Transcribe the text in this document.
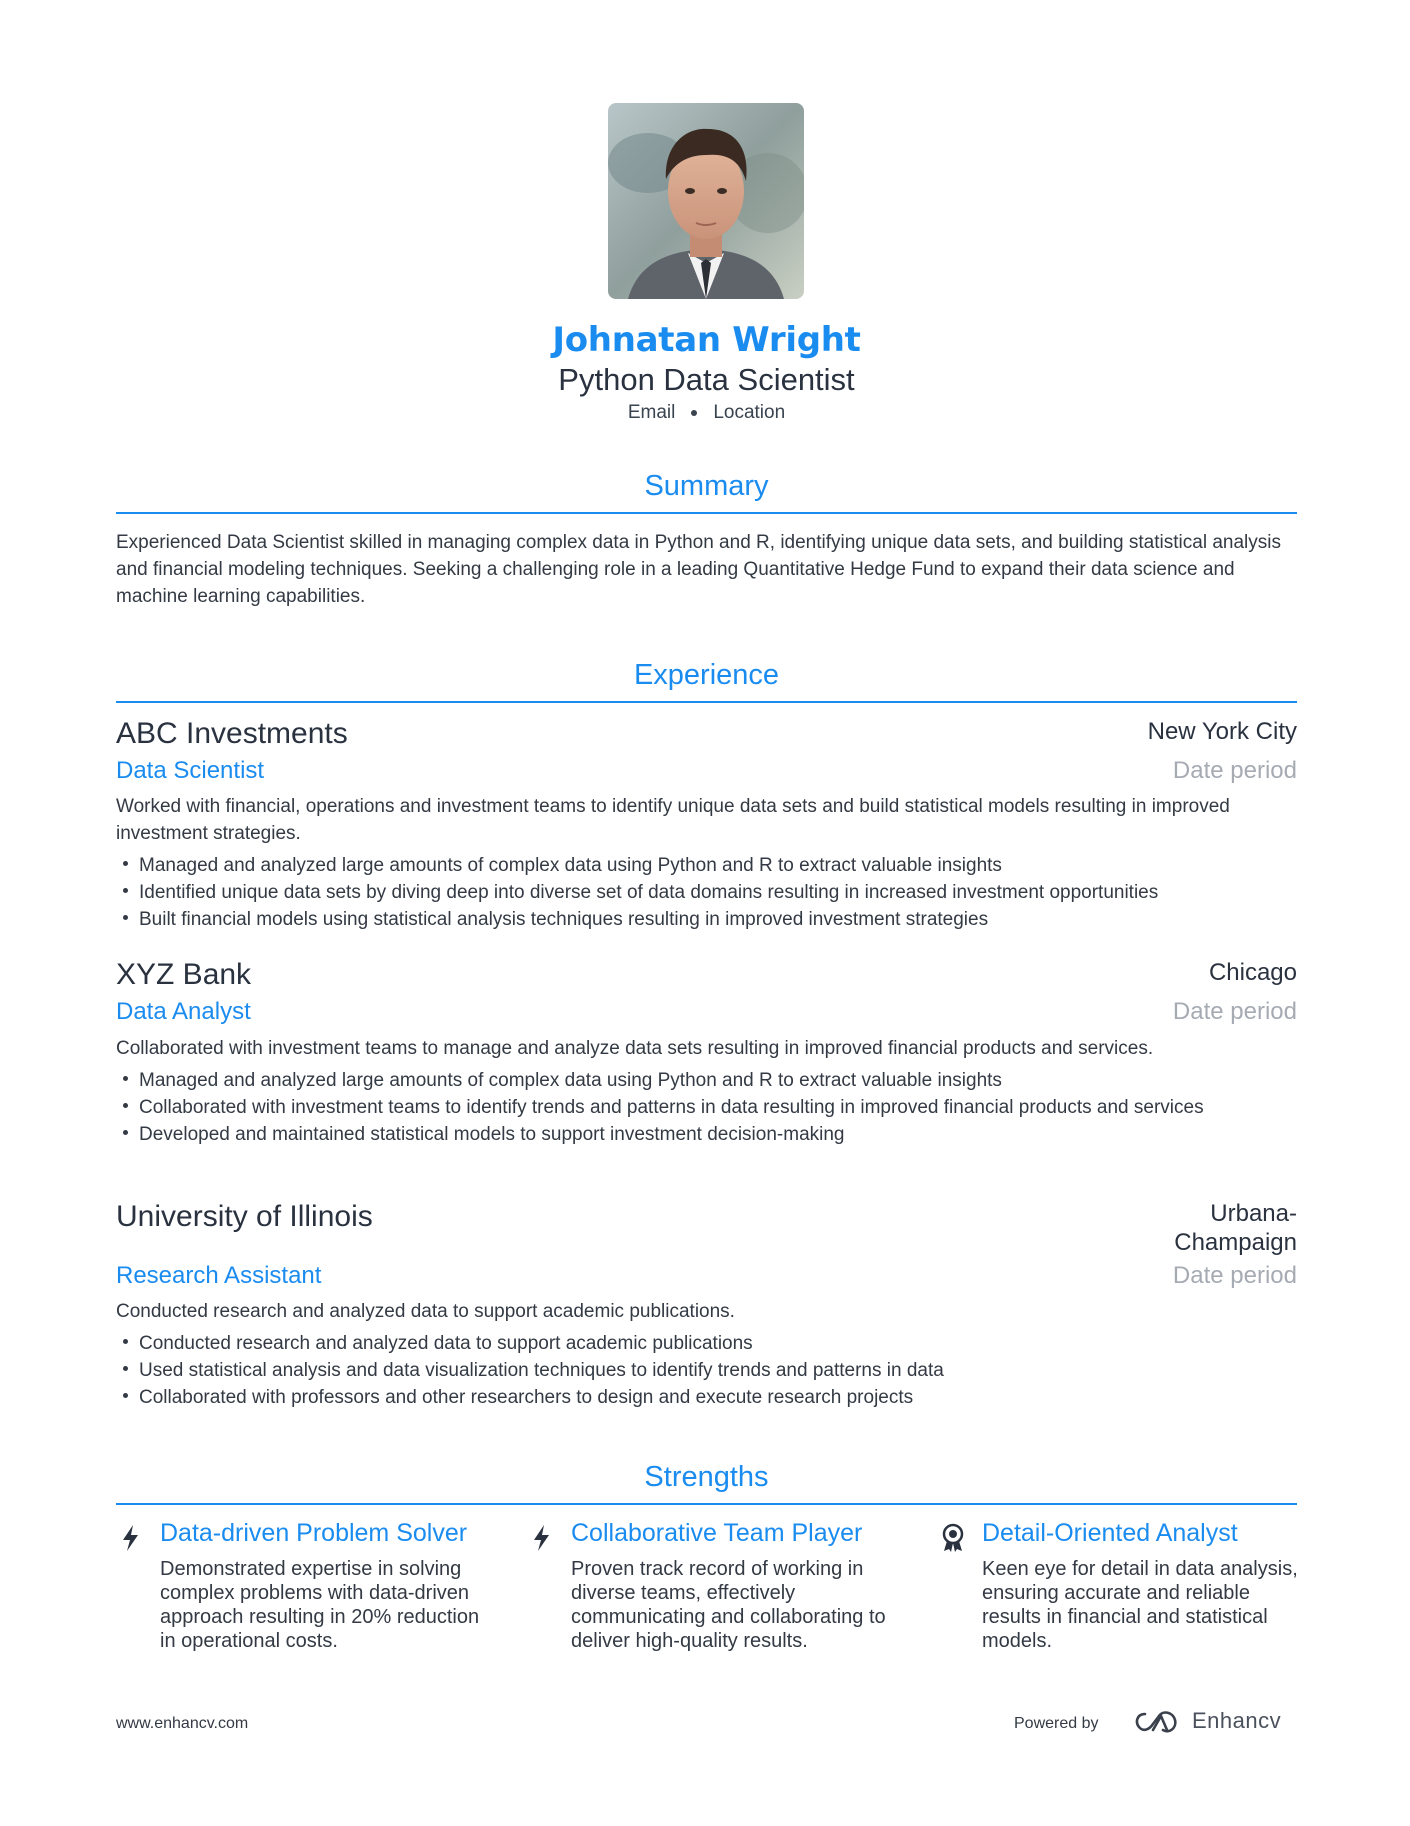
Johnatan Wright
Python Data Scientist
Email Location
Summary
Experienced Data Scientist skilled in managing complex data in Python and R, identifying unique data sets, and building statistical analysis and financial modeling techniques. Seeking a challenging role in a leading Quantitative Hedge Fund to expand their data science and machine learning capabilities.
Experience
ABC Investments	New York City
Data Scientist	Date period
Worked with financial, operations and investment teams to identify unique data sets and build statistical models resulting in improved investment strategies.
Managed and analyzed large amounts of complex data using Python and R to extract valuable insights
Identified unique data sets by diving deep into diverse set of data domains resulting in increased investment opportunities
Built financial models using statistical analysis techniques resulting in improved investment strategies
XYZ Bank	Chicago
Data Analyst	Date period
Collaborated with investment teams to manage and analyze data sets resulting in improved financial products and services.
Managed and analyzed large amounts of complex data using Python and R to extract valuable insights
Collaborated with investment teams to identify trends and patterns in data resulting in improved financial products and services
Developed and maintained statistical models to support investment decision-making
University of Illinois	Urbana-
Champaign
Research Assistant	Date period
Conducted research and analyzed data to support academic publications.
Conducted research and analyzed data to support academic publications
Used statistical analysis and data visualization techniques to identify trends and patterns in data
Collaborated with professors and other researchers to design and execute research projects
Strengths
Data-driven Problem Solver
Demonstrated expertise in solving complex problems with data-driven approach resulting in 20% reduction in operational costs.
Collaborative Team Player
Proven track record of working in diverse teams, effectively communicating and collaborating to deliver high-quality results.
Detail-Oriented Analyst
Keen eye for detail in data analysis, ensuring accurate and reliable results in financial and statistical models.
www.enhancv.com	Powered by	Enhancv
